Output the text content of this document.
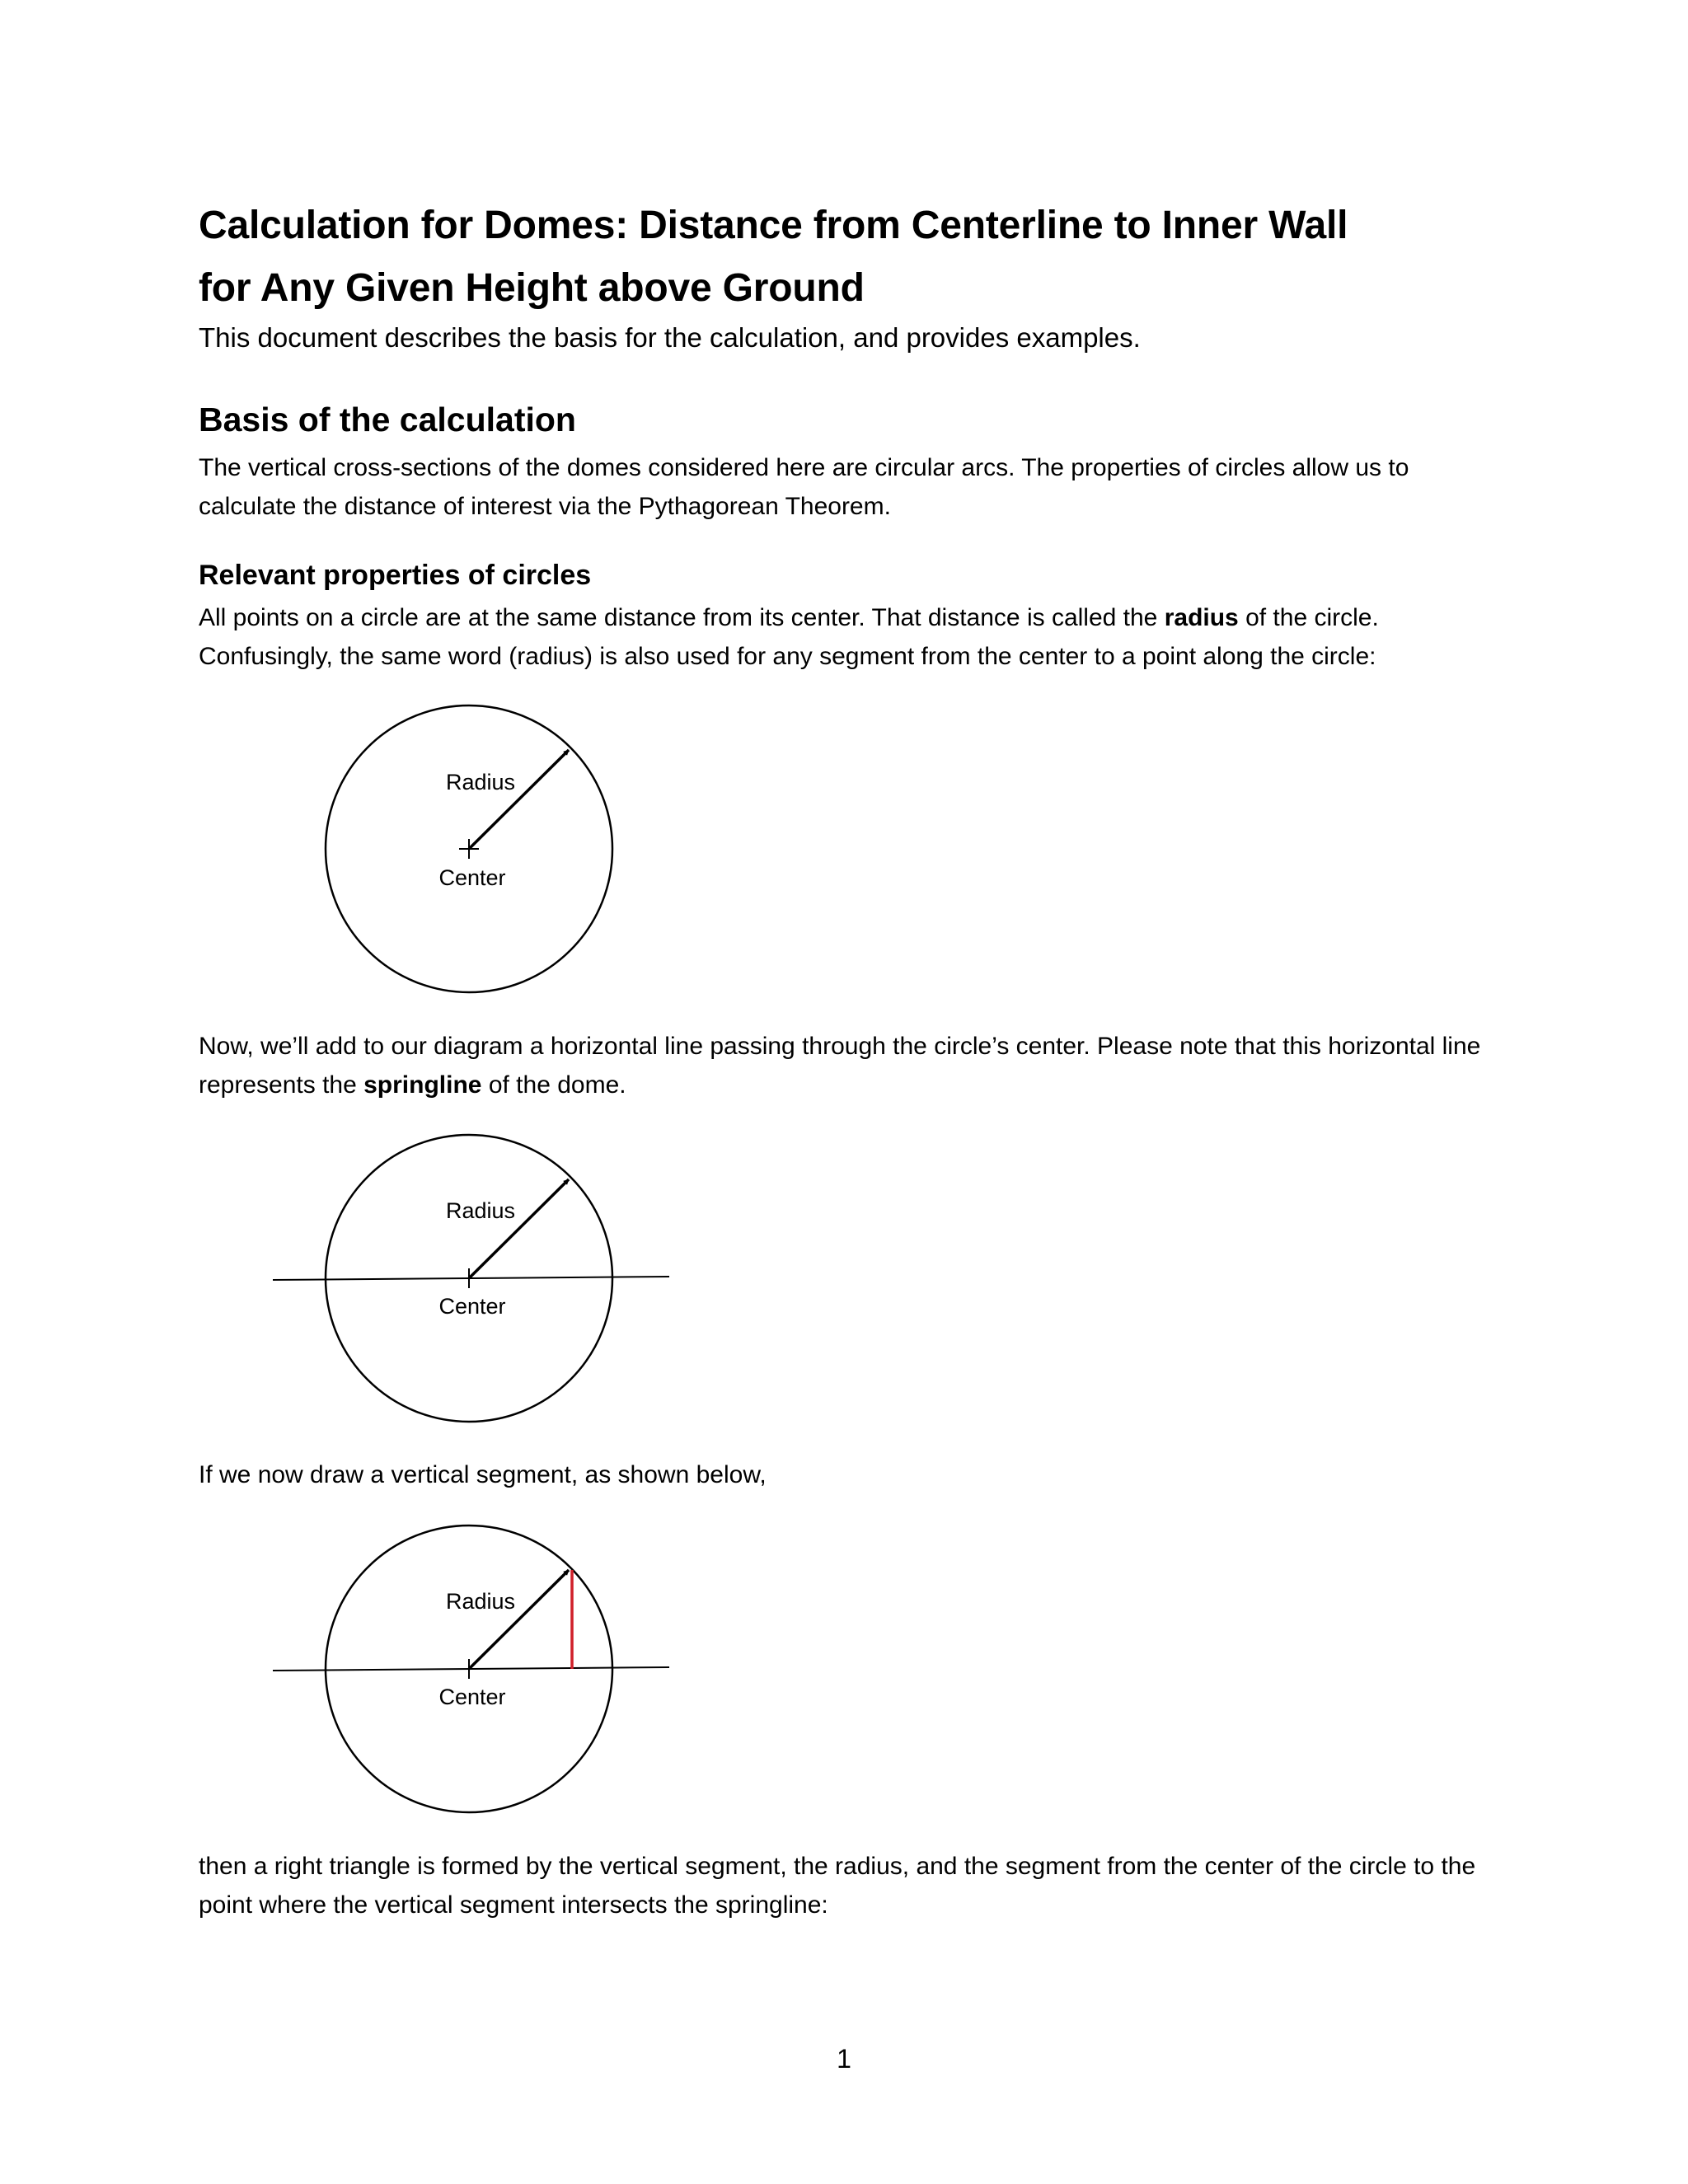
Calculation for Domes: Distance from Centerline to Inner Wall
for Any Given Height above Ground

This document describes the basis for the calculation, and provides examples.

Basis of the calculation

The vertical cross-sections of the domes considered here are circular arcs. The properties of circles allow us to calculate the distance of interest via the Pythagorean Theorem.

Relevant properties of circles

All points on a circle are at the same distance from its center. That distance is called the radius of the circle. Confusingly, the same word (radius) is also used for any segment from the center to a point along the circle:

Now, we’ll add to our diagram a horizontal line passing through the circle’s center. Please note that this horizontal line represents the springline of the dome.

If we now draw a vertical segment, as shown below,

then a right triangle is formed by the vertical segment, the radius, and the segment from the center of the circle to the point where the vertical segment intersects the springline:

Radius
Center
Radius
Center
Radius
Center
1
